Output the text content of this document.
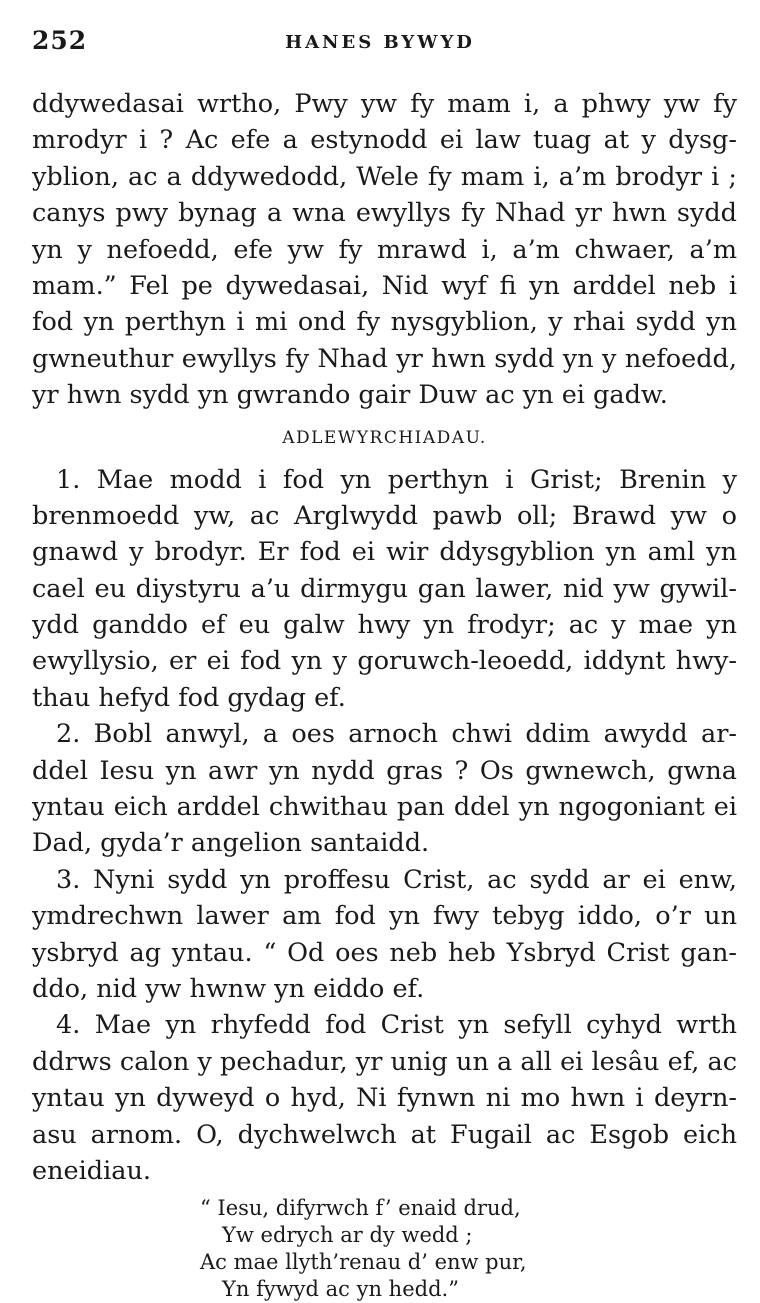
252	HANES BYWYD
ddywedasai wrtho, Pwy yw fy mam i, a phwy yw fy
mrodyr i ? Ac efe a estynodd ei law tuag at y dysg-
yblion, ac a ddywedodd, Wele fy mam i, a’m brodyr i ;
canys pwy bynag a wna ewyllys fy Nhad yr hwn sydd
yn y nefoedd, efe yw fy mrawd i, a’m chwaer, a’m
mam.” Fel pe dywedasai, Nid wyf fi yn arddel neb i
fod yn perthyn i mi ond fy nysgyblion, y rhai sydd yn
gwneuthur ewyllys fy Nhad yr hwn sydd yn y nefoedd,
yr hwn sydd yn gwrando gair Duw ac yn ei gadw.
ADLEWYRCHIADAU.
1. Mae modd i fod yn perthyn i Grist; Brenin y
brenmoedd yw, ac Arglwydd pawb oll; Brawd yw o
gnawd y brodyr. Er fod ei wir ddysgyblion yn aml yn
cael eu diystyru a’u dirmygu gan lawer, nid yw gywil-
ydd ganddo ef eu galw hwy yn frodyr; ac y mae yn
ewyllysio, er ei fod yn y goruwch-leoedd, iddynt hwy-
thau hefyd fod gydag ef.
2. Bobl anwyl, a oes arnoch chwi ddim awydd ar-
ddel Iesu yn awr yn nydd gras ? Os gwnewch, gwna
yntau eich arddel chwithau pan ddel yn ngogoniant ei
Dad, gyda’r angelion santaidd.
3. Nyni sydd yn proffesu Crist, ac sydd ar ei enw,
ymdrechwn lawer am fod yn fwy tebyg iddo, o’r un
ysbryd ag yntau. “ Od oes neb heb Ysbryd Crist gan-
ddo, nid yw hwnw yn eiddo ef.
4. Mae yn rhyfedd fod Crist yn sefyll cyhyd wrth
ddrws calon y pechadur, yr unig un a all ei lesâu ef, ac
yntau yn dyweyd o hyd, Ni fynwn ni mo hwn i deyrn-
asu arnom. O, dychwelwch at Fugail ac Esgob eich
eneidiau.
“ Iesu, difyrwch f’ enaid drud,
Yw edrych ar dy wedd ;
Ac mae llyth’renau d’ enw pur,
Yn fywyd ac yn hedd.”
